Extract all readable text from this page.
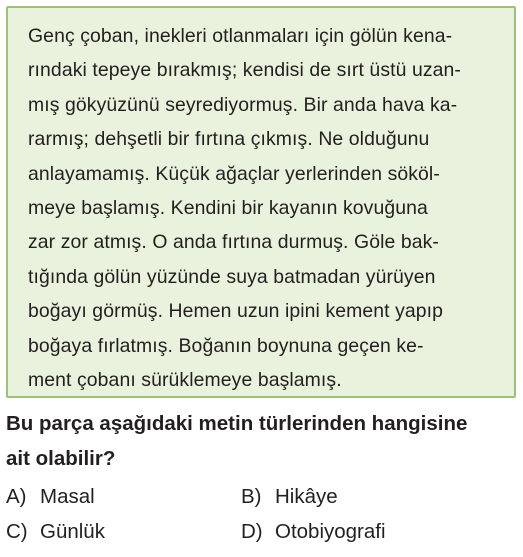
Genç çoban, inekleri otlanmaları için gölün kena-
rındaki tepeye bırakmış; kendisi de sırt üstü uzan-
mış gökyüzünü seyrediyormuş. Bir anda hava ka-
rarmış; dehşetli bir fırtına çıkmış. Ne olduğunu
anlayamamış. Küçük ağaçlar yerlerinden sököl-
meye başlamış. Kendini bir kayanın kovuğuna
zar zor atmış. O anda fırtına durmuş. Göle bak-
tığında gölün yüzünde suya batmadan yürüyen
boğayı görmüş. Hemen uzun ipini kement yapıp
boğaya fırlatmış. Boğanın boynuna geçen ke-
ment çobanı sürüklemeye başlamış.
Bu parça aşağıdaki metin türlerinden hangisine
ait olabilir?
A) Masal	B) Hikâye
C) Günlük	D) Otobiyografi
